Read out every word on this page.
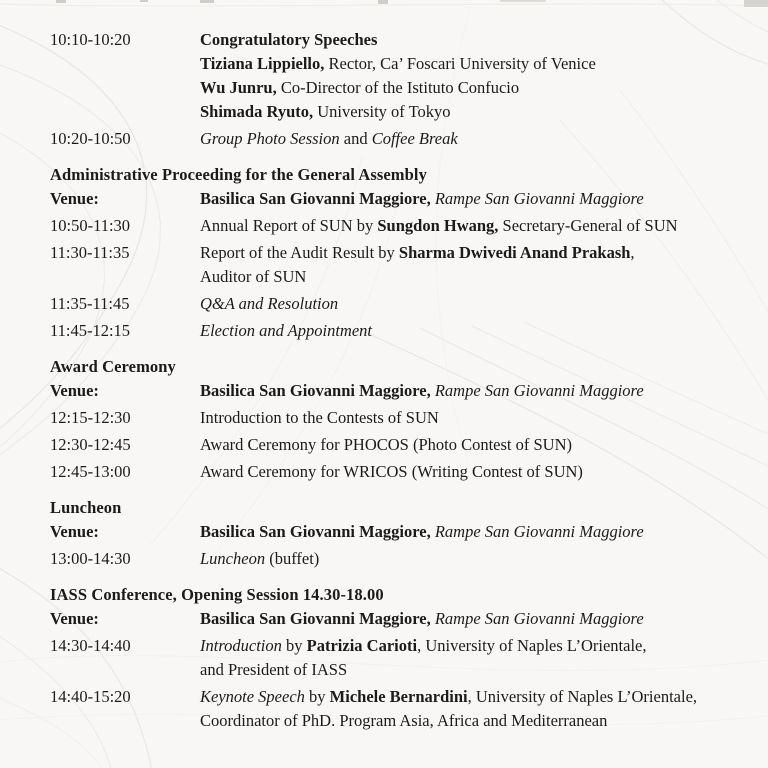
10:10-10:20	Congratulatory Speeches
Tiziana Lippiello, Rector, Ca’ Foscari University of Venice
Wu Junru, Co-Director of the Istituto Confucio
Shimada Ryuto, University of Tokyo
10:20-10:50	Group Photo Session and Coffee Break
Administrative Proceeding for the General Assembly
Venue:	Basilica San Giovanni Maggiore, Rampe San Giovanni Maggiore
10:50-11:30	Annual Report of SUN by Sungdon Hwang, Secretary-General of SUN
11:30-11:35	Report of the Audit Result by Sharma Dwivedi Anand Prakash,
Auditor of SUN
11:35-11:45	Q&A and Resolution
11:45-12:15	Election and Appointment
Award Ceremony
Venue:	Basilica San Giovanni Maggiore, Rampe San Giovanni Maggiore
12:15-12:30	Introduction to the Contests of SUN
12:30-12:45	Award Ceremony for PHOCOS (Photo Contest of SUN)
12:45-13:00	Award Ceremony for WRICOS (Writing Contest of SUN)
Luncheon
Venue:	Basilica San Giovanni Maggiore, Rampe San Giovanni Maggiore
13:00-14:30	Luncheon (buffet)
IASS Conference, Opening Session 14.30-18.00
Venue:	Basilica San Giovanni Maggiore, Rampe San Giovanni Maggiore
14:30-14:40	Introduction by Patrizia Carioti, University of Naples L’Orientale,
and President of IASS
14:40-15:20	Keynote Speech by Michele Bernardini, University of Naples L’Orientale,
Coordinator of PhD. Program Asia, Africa and Mediterranean
